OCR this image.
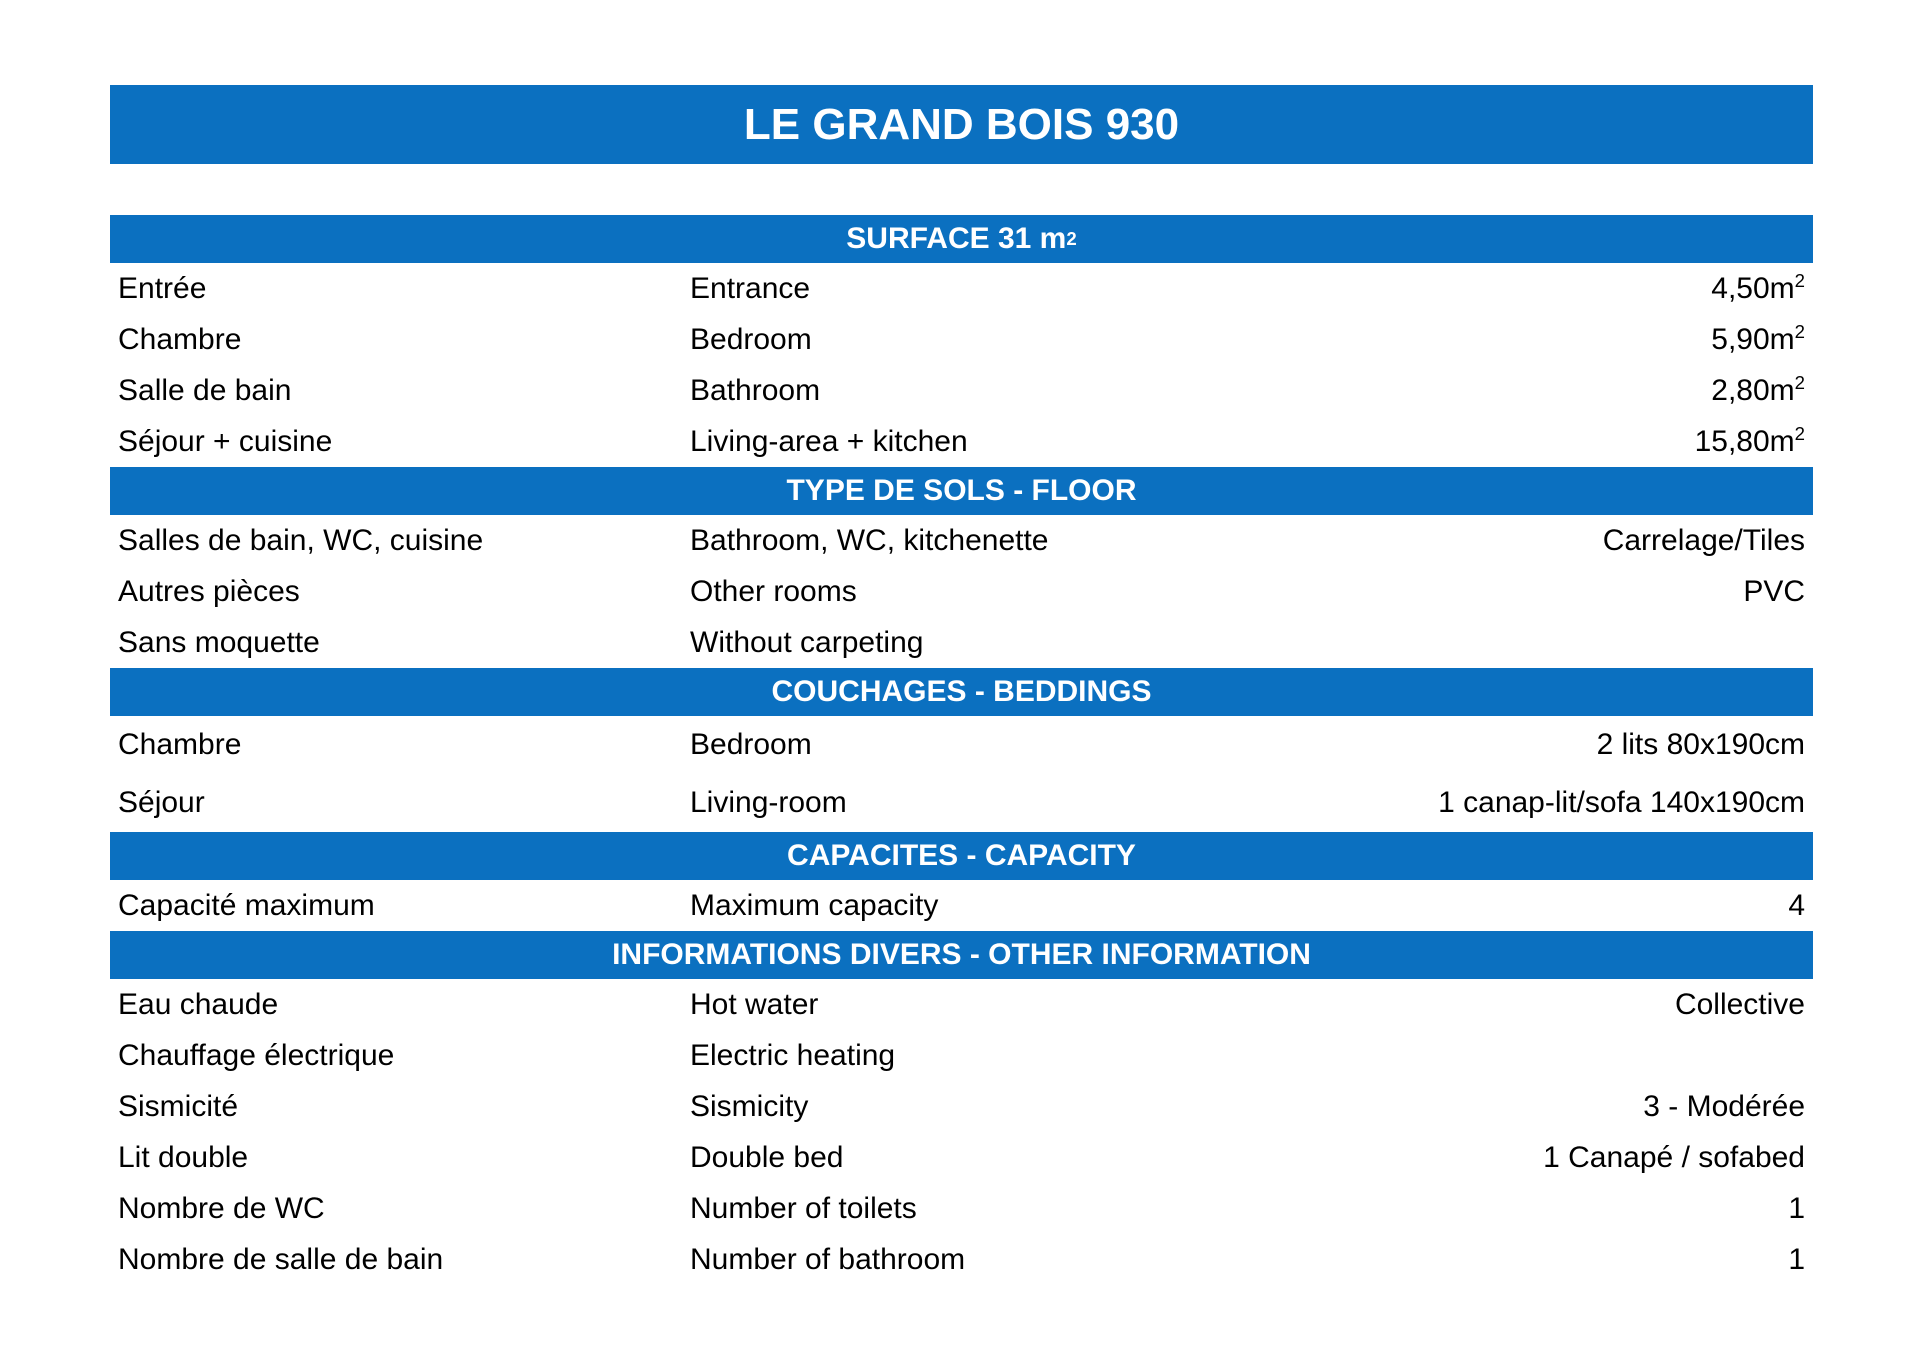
LE GRAND BOIS 930
SURFACE 31 m 2
Entrée	Entrance	$4,50m^2$
Chambre	Bedroom	$5,90m^2$
Salle de bain	Bathroom	$2,80m^2$
Séjour + cuisine	Living-area + kitchen	$15,80m^2$
TYPE DE SOLS - FLOOR
Salles de bain, WC, cuisine	Bathroom, WC, kitchenette	Carrelage/Tiles
Autres pièces	Other rooms	PVC
Sans moquette	Without carpeting
COUCHAGES - BEDDINGS
Chambre	Bedroom	2 lits 80x190cm
Séjour	Living-room	1 canap-lit/sofa 140x190cm
CAPACITES - CAPACITY
Capacité maximum	Maximum capacity	4
INFORMATIONS DIVERS - OTHER INFORMATION
Eau chaude	Hot water	Collective
Chauffage électrique	Electric heating
Sismicité	Sismicity	3 - Modérée
Lit double	Double bed	1 Canapé / sofabed
Nombre de WC	Number of toilets	1
Nombre de salle de bain	Number of bathroom	1
